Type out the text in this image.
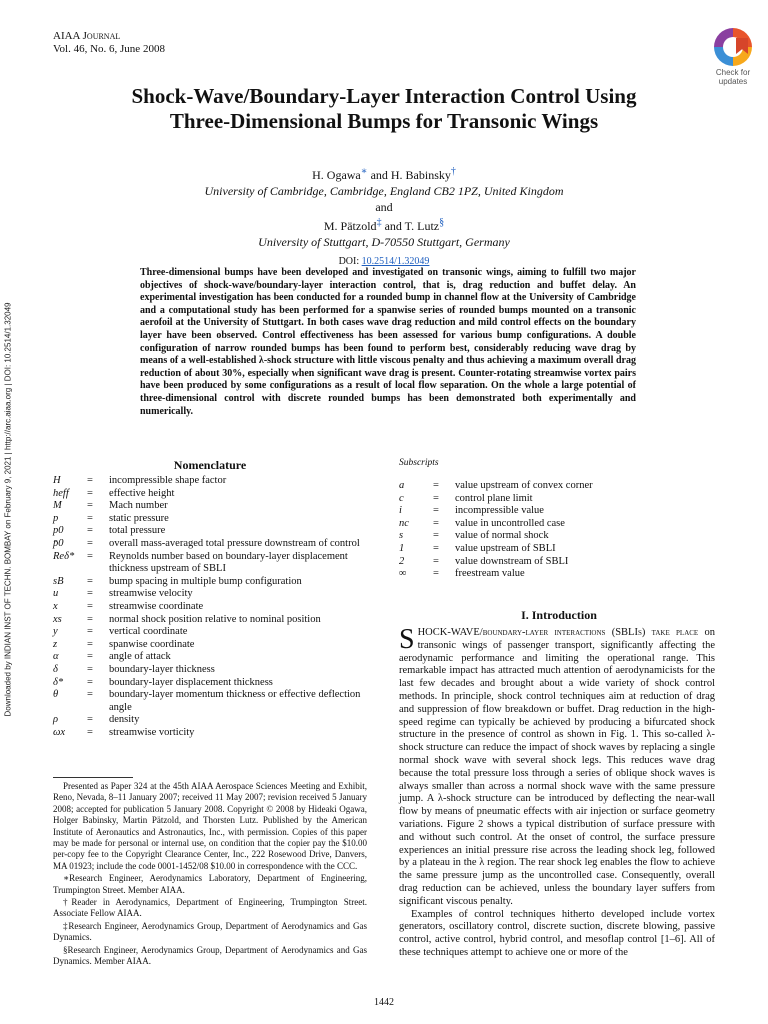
AIAA Journal
Vol. 46, No. 6, June 2008
Check for
updates
Shock-Wave/Boundary-Layer Interaction Control Using
Three-Dimensional Bumps for Transonic Wings
H. Ogawa∗ and H. Babinsky†
University of Cambridge, Cambridge, England CB2 1PZ, United Kingdom
and
M. Pätzold‡ and T. Lutz§
University of Stuttgart, D-70550 Stuttgart, Germany
DOI: 10.2514/1.32049
Three-dimensional bumps have been developed and investigated on transonic wings, aiming to fulfill two major objectives of shock-wave/boundary-layer interaction control, that is, drag reduction and buffet delay. An experimental investigation has been conducted for a rounded bump in channel flow at the University of Cambridge and a computational study has been performed for a spanwise series of rounded bumps mounted on a transonic aerofoil at the University of Stuttgart. In both cases wave drag reduction and mild control effects on the boundary layer have been observed. Control effectiveness has been assessed for various bump configurations. A double configuration of narrow rounded bumps has been found to perform best, considerably reducing wave drag by means of a well-established λ-shock structure with little viscous penalty and thus achieving a maximum overall drag reduction of about 30%, especially when significant wave drag is present. Counter-rotating streamwise vortex pairs have been produced by some configurations as a result of local flow separation. On the whole a large potential of three-dimensional control with discrete rounded bumps has been demonstrated both experimentally and numerically.
Downloaded by INDIAN INST OF TECHN. BOMBAY on February 9, 2021 | http://arc.aiaa.org | DOI: 10.2514/1.32049	Nomenclature
H	=	incompressible shape factor
heff	=	effective height
M	=	Mach number
p	=	static pressure
p0	=	total pressure
p̄0	=	overall mass-averaged total pressure downstream of control
Reδ*	=	Reynolds number based on boundary-layer displacement thickness upstream of SBLI
sB	=	bump spacing in multiple bump configuration
u	=	streamwise velocity
x	=	streamwise coordinate
xs	=	normal shock position relative to nominal position
y	=	vertical coordinate
z	=	spanwise coordinate
α	=	angle of attack
δ	=	boundary-layer thickness
δ*	=	boundary-layer displacement thickness
θ	=	boundary-layer momentum thickness or effective deflection angle
ρ	=	density
ωx	=	streamwise vorticity
Subscripts
a	=	value upstream of convex corner
c	=	control plane limit
i	=	incompressible value
nc	=	value in uncontrolled case
s	=	value of normal shock
1	=	value upstream of SBLI
2	=	value downstream of SBLI
∞	=	freestream value

Presented as Paper 324 at the 45th AIAA Aerospace Sciences Meeting and Exhibit, Reno, Nevada, 8–11 January 2007; received 11 May 2007; revision received 5 January 2008; accepted for publication 5 January 2008. Copyright © 2008 by Hideaki Ogawa, Holger Babinsky, Martin Pätzold, and Thorsten Lutz. Published by the American Institute of Aeronautics and Astronautics, Inc., with permission. Copies of this paper may be made for personal or internal use, on condition that the copier pay the $10.00 per-copy fee to the Copyright Clearance Center, Inc., 222 Rosewood Drive, Danvers, MA 01923; include the code 0001-1452/08 $10.00 in correspondence with the CCC.

∗Research Engineer, Aerodynamics Laboratory, Department of Engineering, Trumpington Street. Member AIAA.

†Reader in Aerodynamics, Department of Engineering, Trumpington Street. Associate Fellow AIAA.

‡Research Engineer, Aerodynamics Group, Department of Aerodynamics and Gas Dynamics.

§Research Engineer, Aerodynamics Group, Department of Aerodynamics and Gas Dynamics. Member AIAA.

I. Introduction

SHOCK-WAVE/boundary-layer interactions (SBLIs) take place on transonic wings of passenger transport, significantly affecting the aerodynamic performance and limiting the operational range. This remarkable impact has attracted much attention of aerodynamicists for the last few decades and brought about a wide variety of shock control methods. In principle, shock control techniques aim at reduction of drag and suppression of flow breakdown or buffet. Drag reduction in the high-speed regime can typically be achieved by producing a bifurcated shock structure in the presence of control as shown in Fig. 1. This so-called λ-shock structure can reduce the impact of shock waves by replacing a single normal shock wave with several shock legs. This reduces wave drag because the total pressure loss through a series of oblique shock waves is always smaller than across a normal shock wave with the same pressure jump. A λ-shock structure can be introduced by deflecting the near-wall flow by means of pneumatic effects with air injection or surface geometry variations. Figure 2 shows a typical distribution of surface pressure with and without such control. At the onset of control, the surface pressure experiences an initial pressure rise across the leading shock leg, followed by a plateau in the λ region. The rear shock leg enables the flow to achieve the same pressure jump as the uncontrolled case. Consequently, overall drag reduction can be achieved, unless the boundary layer suffers from significant viscous penalty.

Examples of control techniques hitherto developed include vortex generators, oscillatory control, discrete suction, discrete blowing, passive control, active control, hybrid control, and mesoflap control [1–6]. All of these techniques attempt to achieve one or more of the

1442
